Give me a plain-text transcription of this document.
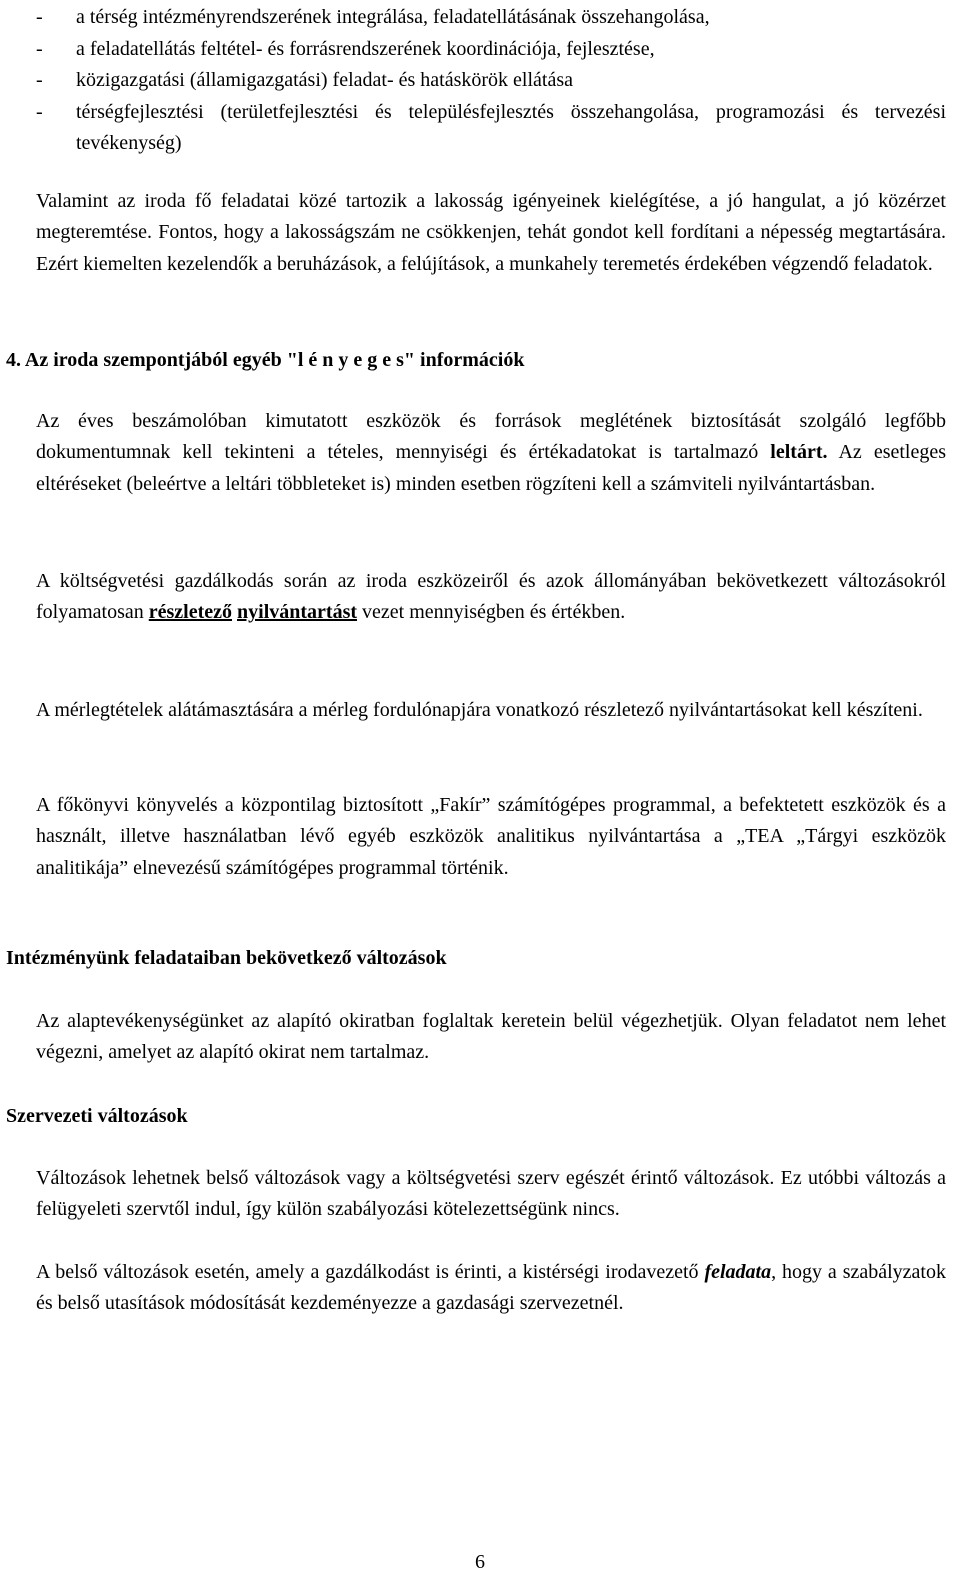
- a térség intézményrendszerének integrálása, feladatellátásának összehangolása,
- a feladatellátás feltétel- és forrásrendszerének koordinációja, fejlesztése,
- közigazgatási (államigazgatási) feladat- és hatáskörök ellátása
- térségfejlesztési (területfejlesztési és településfejlesztés összehangolása, programozási és tervezési tevékenység)

Valamint az iroda fő feladatai közé tartozik a lakosság igényeinek kielégítése, a jó hangulat, a jó közérzet megteremtése. Fontos, hogy a lakosságszám ne csökkenjen, tehát gondot kell fordítani a népesség megtartására. Ezért kiemelten kezelendők a beruházások, a felújítások, a munkahely teremetés érdekében végzendő feladatok.

4. Az iroda szempontjából egyéb "l é n y e g e s" információk

Az éves beszámolóban kimutatott eszközök és források meglétének biztosítását szolgáló legfőbb dokumentumnak kell tekinteni a tételes, mennyiségi és értékadatokat is tartalmazó leltárt. Az esetleges eltéréseket (beleértve a leltári többleteket is) minden esetben rögzíteni kell a számviteli nyilvántartásban.

A költségvetési gazdálkodás során az iroda eszközeiről és azok állományában bekövetkezett változásokról folyamatosan részletező nyilvántartást vezet mennyiségben és értékben.

A mérlegtételek alátámasztására a mérleg fordulónapjára vonatkozó részletező nyilvántartásokat kell készíteni.

A főkönyvi könyvelés a központilag biztosított „Fakír” számítógépes programmal, a befektetett eszközök és a használt, illetve használatban lévő egyéb eszközök analitikus nyilvántartása a „TEA „Tárgyi eszközök analitikája” elnevezésű számítógépes programmal történik.

Intézményünk feladataiban bekövetkező változások

Az alaptevékenységünket az alapító okiratban foglaltak keretein belül végezhetjük. Olyan feladatot nem lehet végezni, amelyet az alapító okirat nem tartalmaz.

Szervezeti változások

Változások lehetnek belső változások vagy a költségvetési szerv egészét érintő változások. Ez utóbbi változás a felügyeleti szervtől indul, így külön szabályozási kötelezettségünk nincs.

A belső változások esetén, amely a gazdálkodást is érinti, a kistérségi irodavezető feladata, hogy a szabályzatok és belső utasítások módosítását kezdeményezze a gazdasági szervezetnél.

6
